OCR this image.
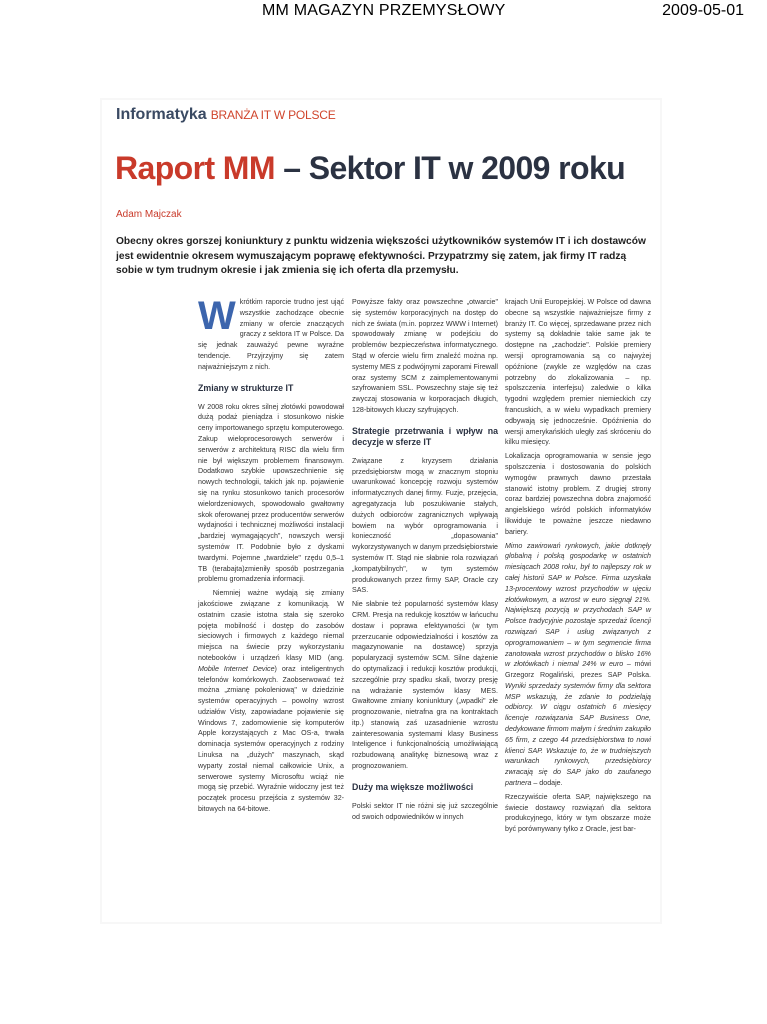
MM MAGAZYN PRZEMYSŁOWY	2009-05-01
Informatyka BRANŻA IT W POLSCE
Raport MM – Sektor IT w 2009 roku
Adam Majczak
Obecny okres gorszej koniunktury z punktu widzenia większości użytkowników systemów IT i ich dostawców jest ewidentnie okresem wymuszającym poprawę efektywności. Przypatrzmy się zatem, jak firmy IT radzą sobie w tym trudnym okresie i jak zmienia się ich oferta dla przemysłu.

Wkrótkim raporcie trudno jest ująć wszystkie zachodzące obecnie zmiany w ofercie znaczących graczy z sektora IT w Polsce. Da się jednak zauważyć pewne wyraźne tendencje. Przyjrzyjmy się zatem najważniejszym z nich.

Zmiany w strukturze IT

W 2008 roku okres silnej złotówki powodował dużą podaż pieniądza i stosunkowo niskie ceny importowanego sprzętu komputerowego. Zakup wieloprocesorowych serwerów i serwerów z architekturą RISC dla wielu firm nie był większym problemem finansowym. Dodatkowo szybkie upowszechnienie się nowych technologii, takich jak np. pojawienie się na rynku stosunkowo tanich procesorów wielordzeniowych, spowodowało gwałtowny skok oferowanej przez producentów serwerów wydajności i technicznej możliwości instalacji „bardziej wymagających", nowszych wersji systemów IT. Podobnie było z dyskami twardymi. Pojemne „twardziele" rzędu 0,5–1 TB (terabajta)zmieniły sposób postrzegania problemu gromadzenia informacji.

Niemniej ważne wydają się zmiany jakościowe związane z komunikacją. W ostatnim czasie istotna stała się szeroko pojęta mobilność i dostęp do zasobów sieciowych i firmowych z każdego niemal miejsca na świecie przy wykorzystaniu notebooków i urządzeń klasy MID (ang. Mobile Internet Device) oraz inteligentnych telefonów komórkowych. Zaobserwować też można „zmianę pokoleniową" w dziedzinie systemów operacyjnych – powolny wzrost udziałów Visty, zapowiadane pojawienie się Windows 7, zadomowienie się komputerów Apple korzystających z Mac OS-a, trwała dominacja systemów operacyjnych z rodziny Linuksa na „dużych" maszynach, skąd wyparty został niemal całkowicie Unix, a serwerowe systemy Microsoftu wciąż nie mogą się przebić. Wyraźnie widoczny jest też początek procesu przejścia z systemów 32-bitowych na 64-bitowe.

Powyższe fakty oraz powszechne „otwarcie" się systemów korporacyjnych na dostęp do nich ze świata (m.in. poprzez WWW i Internet) spowodowały zmianę w podejściu do problemów bezpieczeństwa informatycznego. Stąd w ofercie wielu firm znaleźć można np. systemy MES z podwójnymi zaporami Firewall oraz systemy SCM z zaimplementowanymi szyfrowaniem SSL. Powszechny staje się też zwyczaj stosowania w korporacjach długich, 128-bitowych kluczy szyfrujących.

Strategie przetrwania i wpływ na decyzje w sferze IT

Związane z kryzysem działania przedsiębiorstw mogą w znacznym stopniu uwarunkować koncepcję rozwoju systemów informatycznych danej firmy. Fuzje, przejęcia, agregatyzacja lub poszukiwanie stałych, dużych odbiorców zagranicznych wpływają bowiem na wybór oprogramowania i konieczność „dopasowania" wykorzystywanych w danym przedsiębiorstwie systemów IT. Stąd nie słabnie rola rozwiązań „kompatybilnych", w tym systemów produkowanych przez firmy SAP, Oracle czy SAS.

Nie słabnie też popularność systemów klasy CRM. Presja na redukcję kosztów w łańcuchu dostaw i poprawa efektywności (w tym przerzucanie odpowiedzialności i kosztów za magazynowanie na dostawcę) sprzyja popularyzacji systemów SCM. Silne dążenie do optymalizacji i redukcji kosztów produkcji, szczególnie przy spadku skali, tworzy presję na wdrażanie systemów klasy MES. Gwałtowne zmiany koniunktury („wpadki" złe prognozowanie, nietrafna gra na kontraktach itp.) stanowią zaś uzasadnienie wzrostu zainteresowania systemami klasy Business Inteligence i funkcjonalnością umożliwiającą rozbudowaną analitykę biznesową wraz z prognozowaniem.

Duży ma większe możliwości

Polski sektor IT nie różni się już szczególnie od swoich odpowiedników w innych

krajach Unii Europejskiej. W Polsce od dawna obecne są wszystkie najważniejsze firmy z branży IT. Co więcej, sprzedawane przez nich systemy są dokładnie takie same jak te dostępne na „zachodzie". Polskie premiery wersji oprogramowania są co najwyżej opóźnione (zwykle ze względów na czas potrzebny do zlokalizowania – np. spolszczenia interfejsu) zaledwie o kilka tygodni względem premier niemieckich czy francuskich, a w wielu wypadkach premiery odbywają się jednocześnie. Opóźnienia do wersji amerykańskich uległy zaś skróceniu do kilku miesięcy.

Lokalizacja oprogramowania w sensie jego spolszczenia i dostosowania do polskich wymogów prawnych dawno przestała stanowić istotny problem. Z drugiej strony coraz bardziej powszechna dobra znajomość angielskiego wśród polskich informatyków likwiduje te poważne jeszcze niedawno bariery.

Mimo zawirowań rynkowych, jakie dotknęły globalną i polską gospodarkę w ostatnich miesiącach 2008 roku, był to najlepszy rok w całej historii SAP w Polsce. Firma uzyskała 13-procentowy wzrost przychodów w ujęciu złotówkowym, a wzrost w euro sięgnął 21%. Największą pozycją w przychodach SAP w Polsce tradycyjnie pozostaje sprzedaż licencji rozwiązań SAP i usług związanych z oprogramowaniem – w tym segmencie firma zanotowała wzrost przychodów o blisko 16% w złotówkach i niemal 24% w euro – mówi Grzegorz Rogaliński, prezes SAP Polska. Wyniki sprzedaży systemów firmy dla sektora MSP wskazują, że zdanie to podzielają odbiorcy. W ciągu ostatnich 6 miesięcy licencje rozwiązania SAP Business One, dedykowane firmom małym i średnim zakupiło 65 firm, z czego 44 przedsiębiorstwa to nowi klienci SAP. Wskazuje to, że w trudniejszych warunkach rynkowych, przedsiębiorcy zwracają się do SAP jako do zaufanego partnera – dodaje.

Rzeczywiście oferta SAP, największego na świecie dostawcy rozwiązań dla sektora produkcyjnego, który w tym obszarze może być porównywany tylko z Oracle, jest bar-
